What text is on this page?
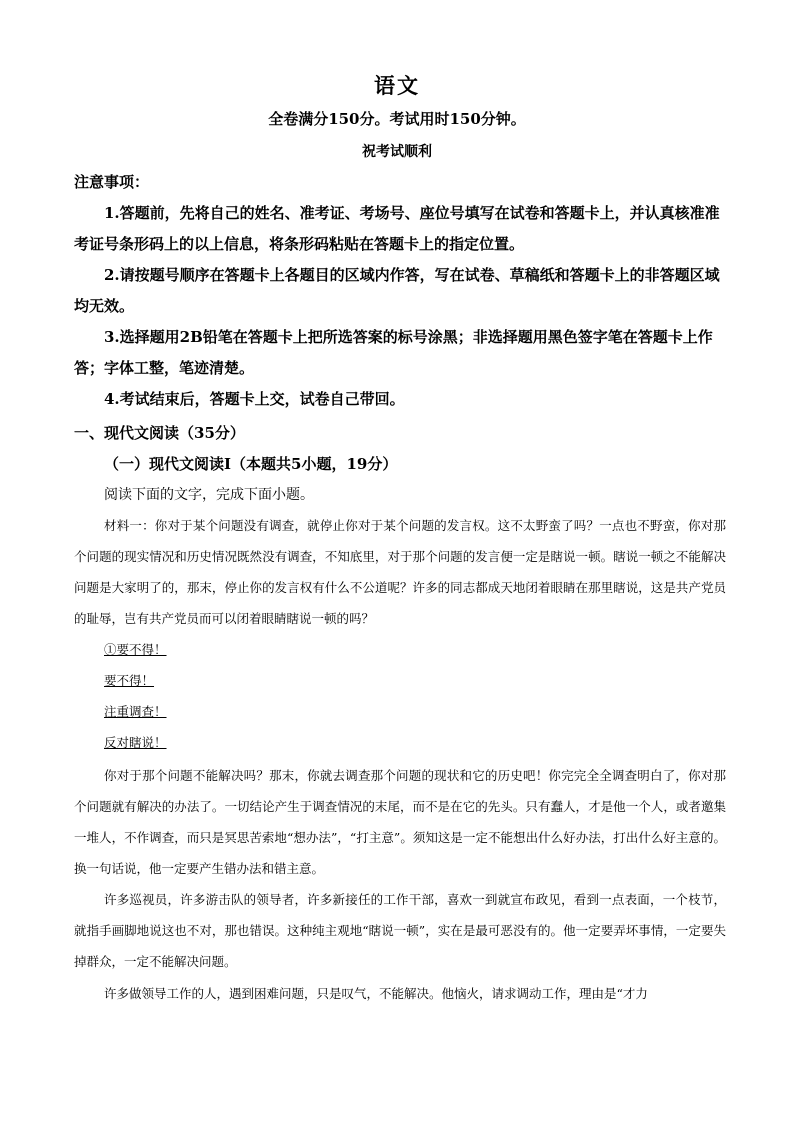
语文
全卷满分150分。考试用时150分钟。
祝考试顺利
注意事项：

1.答题前，先将自己的姓名、准考证、考场号、座位号填写在试卷和答题卡上，并认真核准准考证号条形码上的以上信息，将条形码粘贴在答题卡上的指定位置。

2.请按题号顺序在答题卡上各题目的区域内作答，写在试卷、草稿纸和答题卡上的非答题区域均无效。

3.选择题用2B铅笔在答题卡上把所选答案的标号涂黑；非选择题用黑色签字笔在答题卡上作答；字体工整，笔迹清楚。

4.考试结束后，答题卡上交，试卷自己带回。

一、现代文阅读（35分）
（一）现代文阅读Ⅰ（本题共5小题，19分）
阅读下面的文字，完成下面小题。

材料一：你对于某个问题没有调查，就停止你对于某个问题的发言权。这不太野蛮了吗？一点也不野蛮，你对那个问题的现实情况和历史情况既然没有调查，不知底里，对于那个问题的发言便一定是瞎说一顿。瞎说一顿之不能解决问题是大家明了的，那末，停止你的发言权有什么不公道呢？许多的同志都成天地闭着眼睛在那里瞎说，这是共产党员的耻辱，岂有共产党员而可以闭着眼睛瞎说一顿的吗？

①要不得！
要不得！
注重调查！
反对瞎说！

你对于那个问题不能解决吗？那末，你就去调查那个问题的现状和它的历史吧！你完完全全调查明白了，你对那个问题就有解决的办法了。一切结论产生于调查情况的末尾，而不是在它的先头。只有蠢人，才是他一个人，或者邀集一堆人，不作调查，而只是冥思苦索地“想办法”，“打主意”。须知这是一定不能想出什么好办法，打出什么好主意的。换一句话说，他一定要产生错办法和错主意。

许多巡视员，许多游击队的领导者，许多新接任的工作干部，喜欢一到就宣布政见，看到一点表面，一个枝节，就指手画脚地说这也不对，那也错误。这种纯主观地“瞎说一顿”，实在是最可恶没有的。他一定要弄坏事情，一定要失掉群众，一定不能解决问题。

许多做领导工作的人，遇到困难问题，只是叹气，不能解决。他恼火，请求调动工作，理由是“才力
